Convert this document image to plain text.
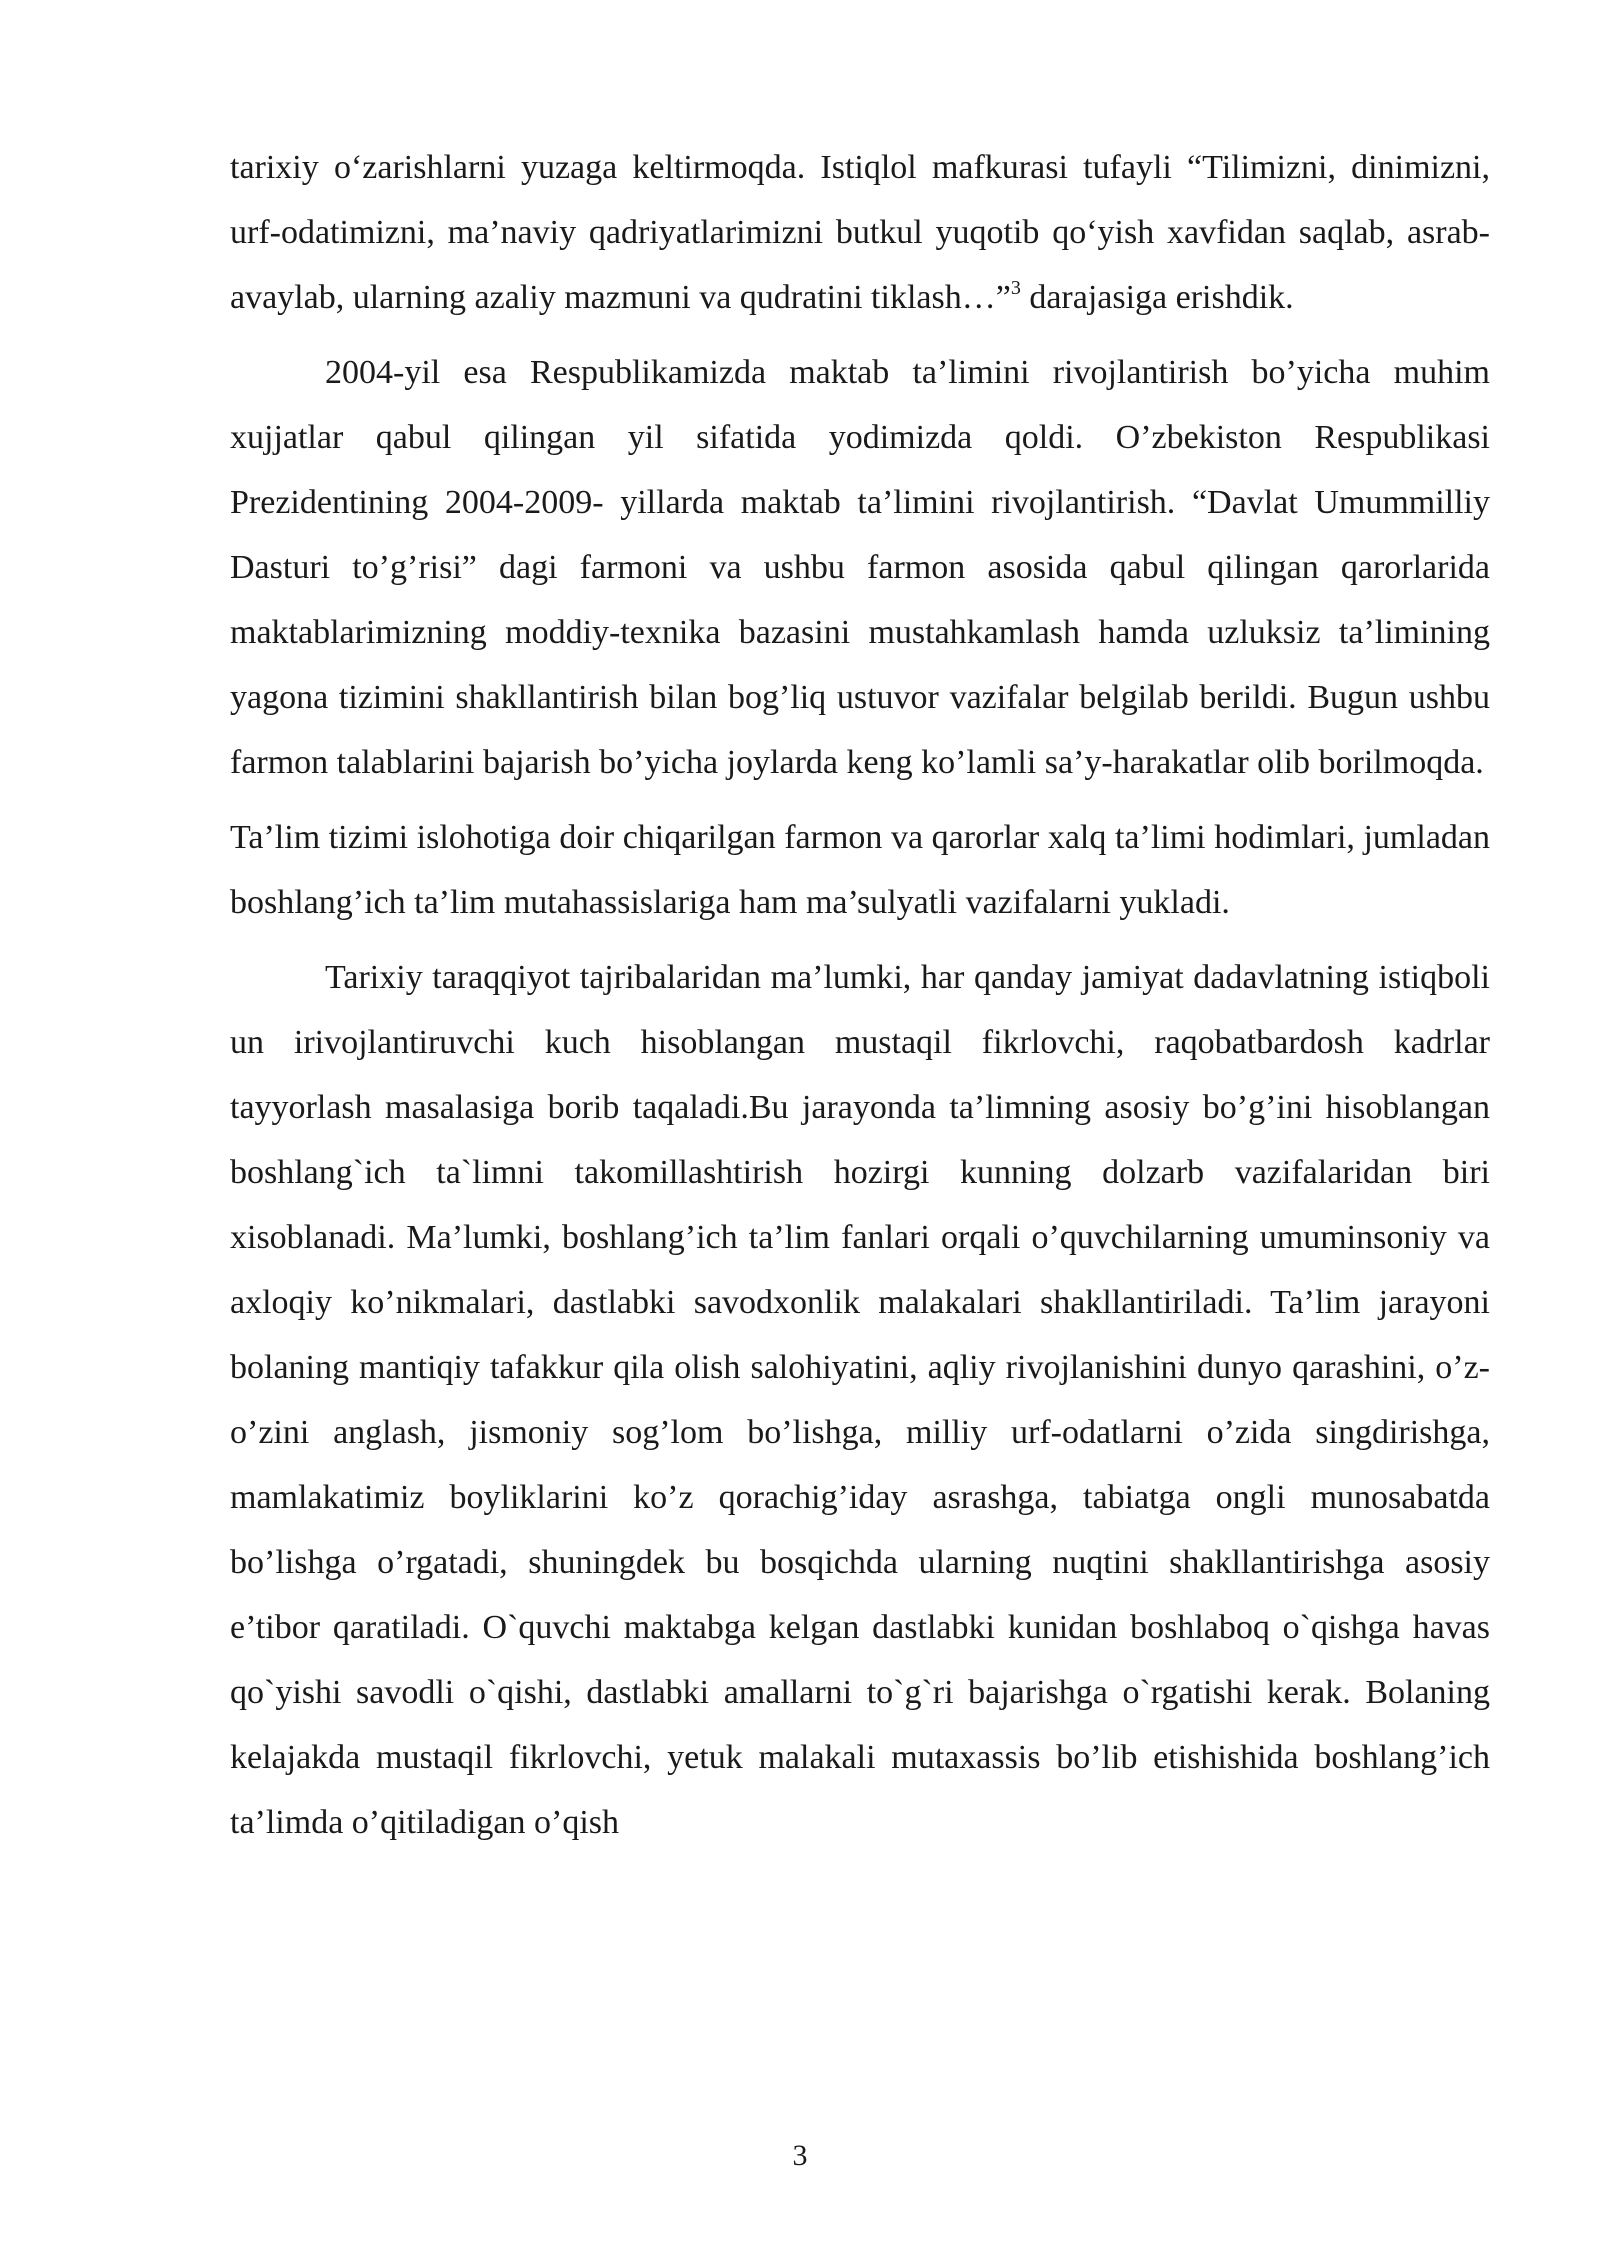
tarixiy o‘zarishlarni yuzaga keltirmoqda. Istiqlol mafkurasi tufayli “Tilimizni, dinimizni, urf-odatimizni, ma’naviy qadriyatlarimizni butkul yuqotib qo‘yish xavfidan saqlab, asrab-avaylab, ularning azaliy mazmuni va qudratini tiklash…”$^3$ darajasiga erishdik.

2004-yil esa Respublikamizda maktab ta’limini rivojlantirish bo’yicha muhim xujjatlar qabul qilingan yil sifatida yodimizda qoldi. O’zbekiston Respublikasi Prezidentining 2004-2009- yillarda maktab ta’limini rivojlantirish. “Davlat Umummilliy Dasturi to’g’risi” dagi farmoni va ushbu farmon asosida qabul qilingan qarorlarida maktablarimizning moddiy-texnika bazasini mustahkamlash hamda uzluksiz ta’limining yagona tizimini shakllantirish bilan bog’liq ustuvor vazifalar belgilab berildi. Bugun ushbu farmon talablarini bajarish bo’yicha joylarda keng ko’lamli sa’y-harakatlar olib borilmoqda.

Ta’lim tizimi islohotiga doir chiqarilgan farmon va qarorlar xalq ta’limi hodimlari, jumladan boshlang’ich ta’lim mutahassislariga ham ma’sulyatli vazifalarni yukladi.

Tarixiy taraqqiyot tajribalaridan ma’lumki, har qanday jamiyat dadavlatning istiqboli un irivojlantiruvchi kuch hisoblangan mustaqil fikrlovchi, raqobatbardosh kadrlar tayyorlash masalasiga borib taqaladi.Bu jarayonda ta’limning asosiy bo’g’ini hisoblangan boshlang`ich ta`limni takomillashtirish hozirgi kunning dolzarb vazifalaridan biri xisoblanadi. Ma’lumki, boshlang’ich ta’lim fanlari orqali o’quvchilarning umuminsoniy va axloqiy ko’nikmalari, dastlabki savodxonlik malakalari shakllantiriladi. Ta’lim jarayoni bolaning mantiqiy tafakkur qila olish salohiyatini, aqliy rivojlanishini dunyo qarashini, o’z-o’zini anglash, jismoniy sog’lom bo’lishga, milliy urf-odatlarni o’zida singdirishga, mamlakatimiz boyliklarini ko’z qorachig’iday asrashga, tabiatga ongli munosabatda bo’lishga o’rgatadi, shuningdek bu bosqichda ularning nuqtini shakllantirishga asosiy e’tibor qaratiladi. O`quvchi maktabga kelgan dastlabki kunidan boshlaboq o`qishga havas qo`yishi savodli o`qishi, dastlabki amallarni to`g`ri bajarishga o`rgatishi kerak. Bolaning kelajakda mustaqil fikrlovchi, yetuk malakali mutaxassis bo’lib etishishida boshlang’ich ta’limda o’qitiladigan o’qish

3
